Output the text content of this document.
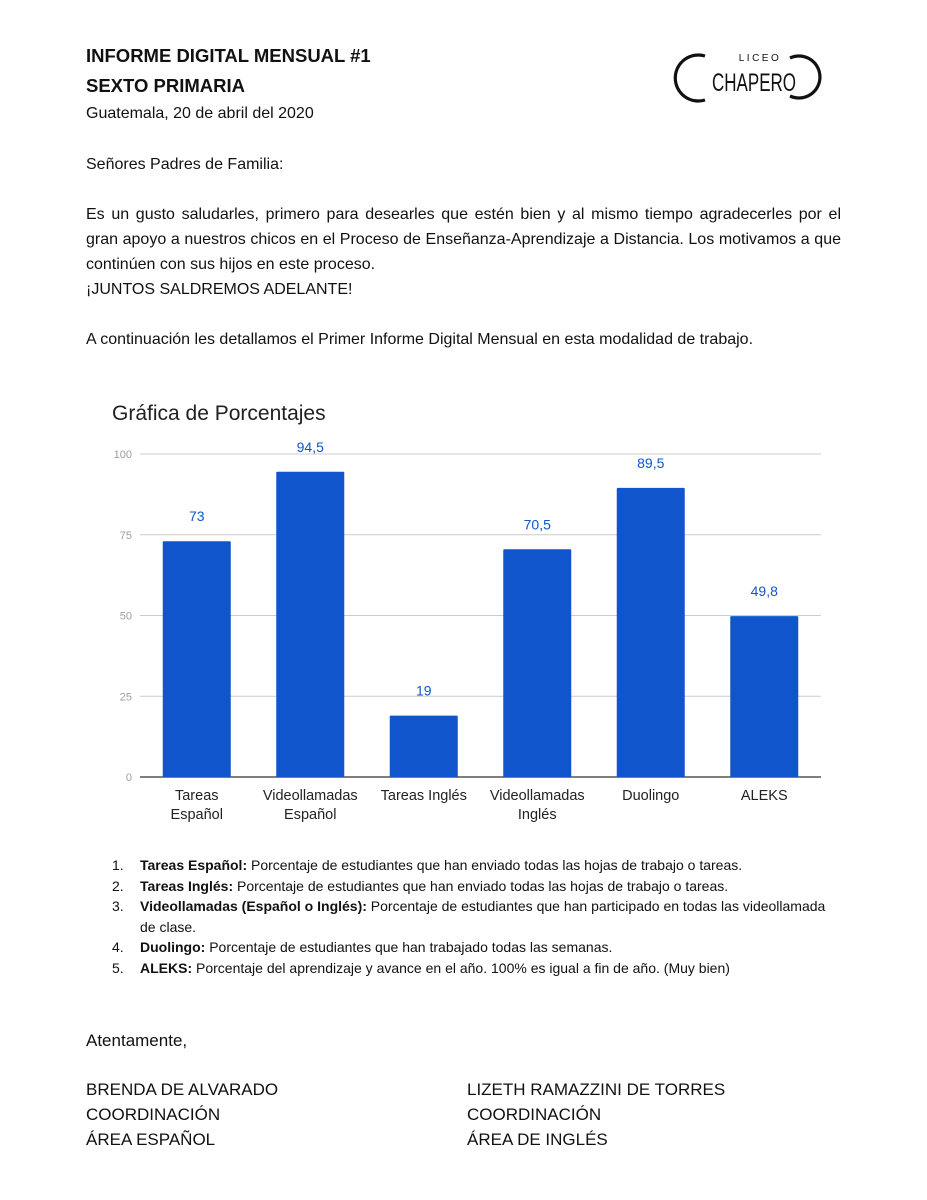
INFORME DIGITAL MENSUAL #1
SEXTO PRIMARIA
Guatemala, 20 de abril del 2020
LICEO
CHAPERO
Señores Padres de Familia:
Es un gusto saludarles, primero para desearles que estén bien y al mismo tiempo agradecerles por el gran apoyo a nuestros chicos en el Proceso de Enseñanza-Aprendizaje a Distancia. Los motivamos a que continúen con sus hijos en este proceso.
¡JUNTOS SALDREMOS ADELANTE!
A continuación les detallamos el Primer Informe Digital Mensual en esta modalidad de trabajo.
Gráfica de Porcentajes
0
25
50
75
100
73
Tareas
Español
94,5
Videollamadas
Español
19
Tareas Inglés
70,5
Videollamadas
Inglés
89,5
Duolingo
49,8
ALEKS
1. Tareas Español: Porcentaje de estudiantes que han enviado todas las hojas de trabajo o tareas.
2. Tareas Inglés: Porcentaje de estudiantes que han enviado todas las hojas de trabajo o tareas.
3. Videollamadas (Español o Inglés): Porcentaje de estudiantes que han participado en todas las videollamada de clase.
4. Duolingo: Porcentaje de estudiantes que han trabajado todas las semanas.
5. ALEKS: Porcentaje del aprendizaje y avance en el año. 100% es igual a fin de año. (Muy bien)
Atentamente,
BRENDA DE ALVARADO
COORDINACIÓN
ÁREA ESPAÑOL
LIZETH RAMAZZINI DE TORRES
COORDINACIÓN
ÁREA DE INGLÉS
